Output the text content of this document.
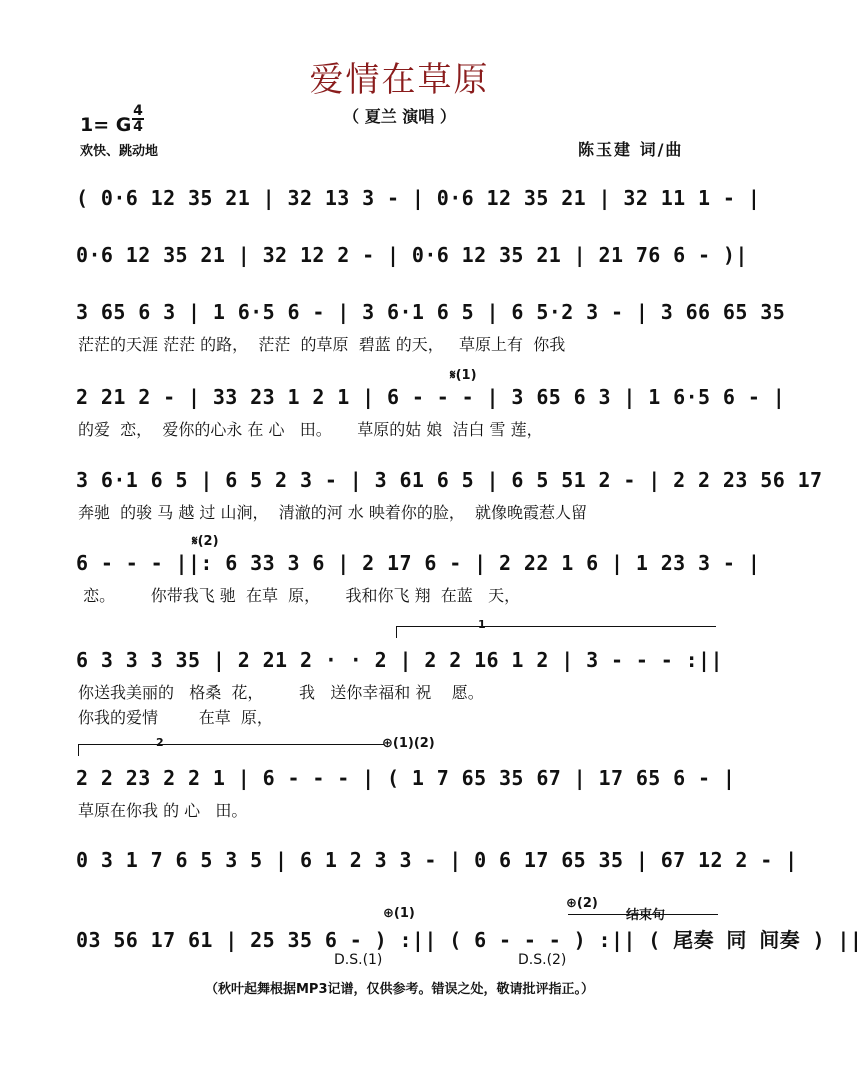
爱情在草原
（ 夏兰 演唱 ）
1= G
4
4
欢快、跳动地	陈玉建 词/曲
( 0·6 12 35 21 | 32 13 3 - | 0·6 12 35 21 | 32 11 1 - |
0·6 12 35 21 | 32 12 2 - | 0·6 12 35 21 | 21 76 6 - )|
3 65 6 3 | 1 6·5 6 - | 3 6·1 6 5 | 6 5·2 3 - | 3 66 65 35
茫茫的天涯 茫茫 的路，  茫茫  的草原  碧蓝 的天，   草原上有  你我
𝄋(1)
2 21 2 - | 33 23 1 2 1 | 6 - - - | 3 65 6 3 | 1 6·5 6 - |
的爱  恋，  爱你的心永 在 心   田。     草原的姑 娘  洁白 雪 莲，
3 6·1 6 5 | 6 5 2 3 - | 3 61 6 5 | 6 5 51 2 - | 2 2 23 56 17
奔驰  的骏 马 越 过 山涧，  清澈的河 水 映着你的脸，  就像晚霞惹人留
𝄋(2)
6 - - - ||: 6 33 3 6 | 2 17 6 - | 2 22 1 6 | 1 23 3 - |
恋。       你带我飞 驰  在草  原，     我和你飞 翔  在蓝   天，
1
6 3 3 3 35 | 2 21 2 · · 2 | 2 2 16 1 2 | 3 - - - :||
你送我美丽的   格桑  花，       我   送你幸福和 祝    愿。
你我的爱情        在草  原，
2	⊕(1)(2)
2 2 23 2 2 1 | 6 - - - | ( 1 7 65 35 67 | 17 65 6 - |
草原在你我 的 心   田。
0 3 1 7 6 5 3 5 | 6 1 2 3 3 - | 0 6 17 65 35 | 67 12 2 - |
⊕(1)
⊕(2)
结束句
03 56 17 61 | 25 35 6 - ) :|| ( 6 - - - ) :|| ( 尾奏 同 间奏 ) ||
D.S.(1)	D.S.(2)
（秋叶起舞根据MP3记谱，仅供参考。错误之处，敬请批评指正。）
